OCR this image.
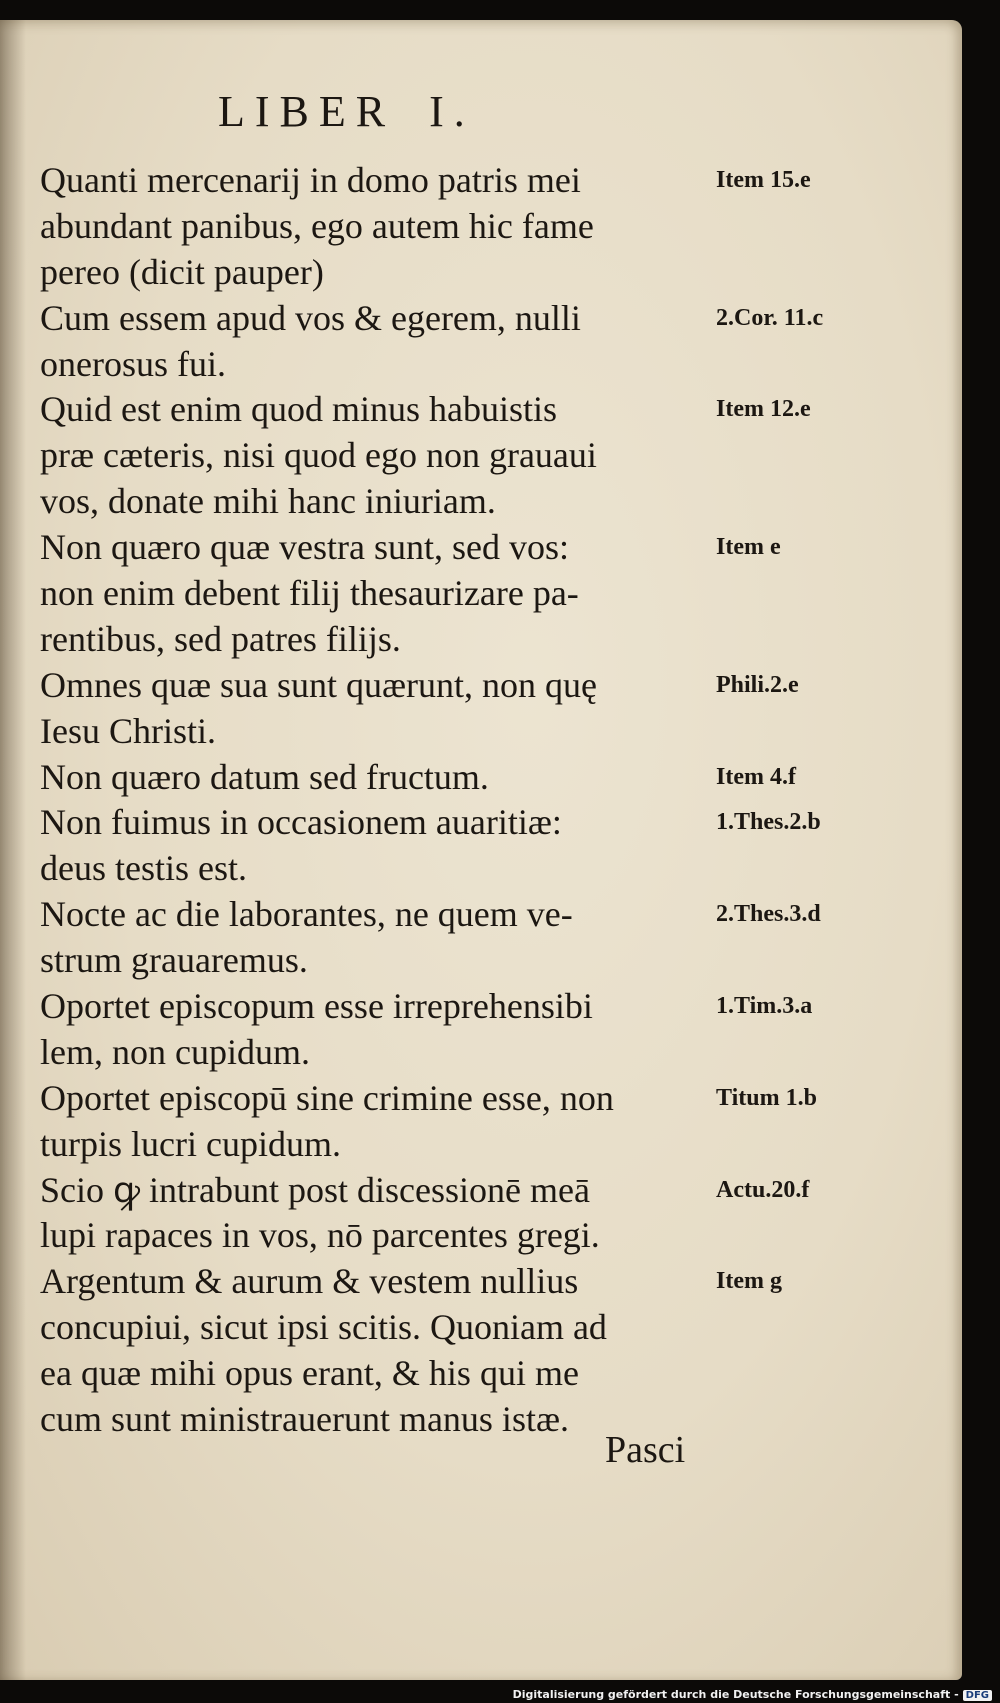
LIBER I.
Quanti mercenarij in domo patris mei	Item 15.e
abundant panibus, ego autem hic fame
pereo (dicit pauper)
Cum essem apud vos & egerem, nulli	2.Cor. 11.c
onerosus fui.
Quid est enim quod minus habuistis	Item 12.e
præ cæteris, nisi quod ego non grauaui
vos, donate mihi hanc iniuriam.
Non quæro quæ vestra sunt, sed vos:	Item e
non enim debent filij thesaurizare pa-
rentibus, sed patres filijs.
Omnes quæ sua sunt quærunt, non quę	Phili.2.e
Iesu Christi.
Non quæro datum sed fructum.	Item 4.f
Non fuimus in occasionem auaritiæ:	1.Thes.2.b
deus testis est.
Nocte ac die laborantes, ne quem ve-	2.Thes.3.d
strum grauaremus.
Oportet episcopum esse irreprehensibi	1.Tim.3.a
lem, non cupidum.
Oportet episcopū sine crimine esse, non	Titum 1.b
turpis lucri cupidum.
Scio ꝙ intrabunt post discessionē meā	Actu.20.f
lupi rapaces in vos, nō parcentes gregi.
Argentum & aurum & vestem nullius	Item g
concupiui, sicut ipsi scitis. Quoniam ad
ea quæ mihi opus erant, & his qui me
cum sunt ministrauerunt manus istæ.
Pasci
Digitalisierung gefördert durch die Deutsche Forschungsgemeinschaft - DFG
